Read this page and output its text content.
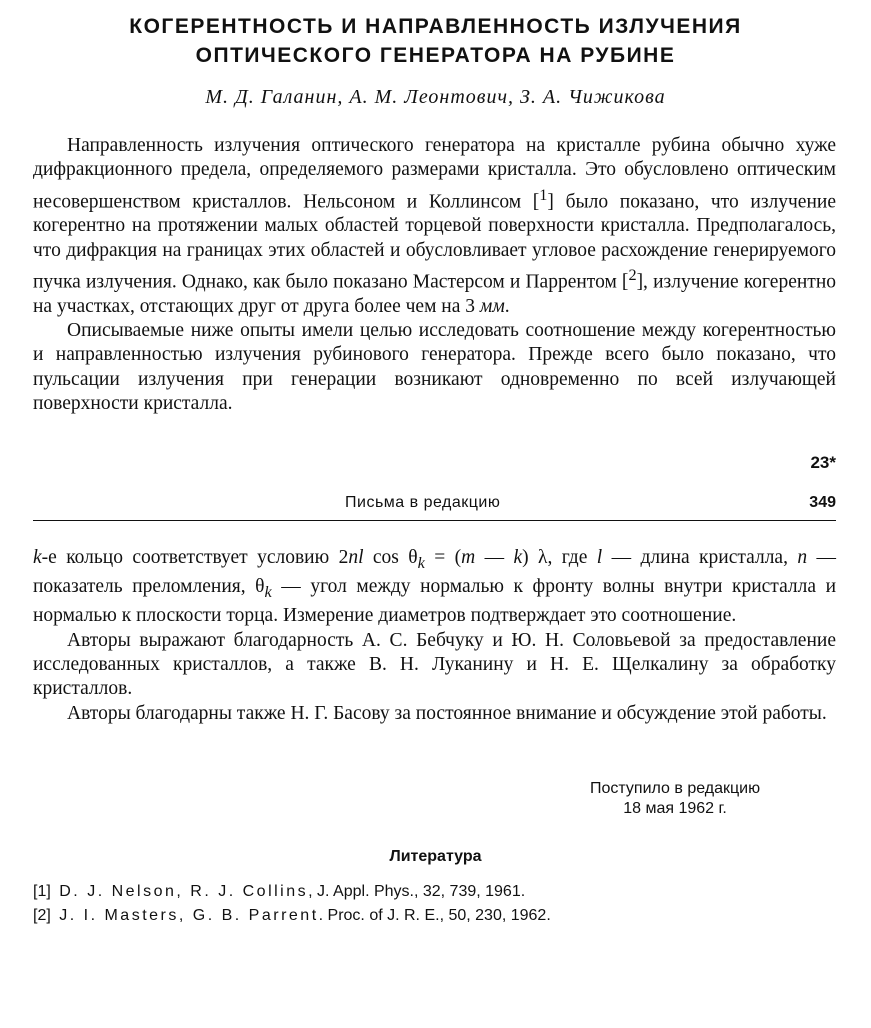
КОГЕРЕНТНОСТЬ И НАПРАВЛЕННОСТЬ ИЗЛУЧЕНИЯ
ОПТИЧЕСКОГО ГЕНЕРАТОРА НА РУБИНЕ
М. Д. Галанин, А. М. Леонтович, З. А. Чижикова

Направленность излучения оптического генератора на кристалле рубина обычно хуже дифракционного предела, определяемого размерами кристалла. Это обусловлено оптическим несовершенством кристаллов. Нельсоном и Коллинсом [$^1$] было показано, что излучение когерентно на протяжении малых областей торцевой поверхности кристалла. Предполагалось, что дифракция на границах этих областей и обусловливает угловое расхождение генерируемого пучка излучения. Однако, как было показано Мастерсом и Паррентом [$^2$], излучение когерентно на участках, отстающих друг от друга более чем на 3 мм.

Описываемые ниже опыты имели целью исследовать соотношение между когерентностью и направленностью излучения рубинового генератора. Прежде всего было показано, что пульсации излучения при генерации возникают одновременно по всей излучающей поверхности кристалла.

23*
Письма в редакцию	349

k-е кольцо соответствует условию 2nl $\cos \theta_k = (m$ — k) λ, где l — длина кристалла, n — показатель преломления, $\theta_k$ — угол между нормалью к фронту волны внутри кристалла и нормалью к плоскости торца. Измерение диаметров подтверждает это соотношение.

Авторы выражают благодарность А. С. Бебчуку и Ю. Н. Соловьевой за предоставление исследованных кристаллов, а также В. Н. Луканину и Н. Е. Щелкалину за обработку кристаллов.

Авторы благодарны также Н. Г. Басову за постоянное внимание и обсуждение этой работы.

Поступило в редакцию
18 мая 1962 г.
Литература
[1] D. J. Nelson, R. J. Collins, J. Appl. Phys., 32, 739, 1961.
[2] J. I. Masters, G. B. Parrent. Proc. of J. R. E., 50, 230, 1962.
